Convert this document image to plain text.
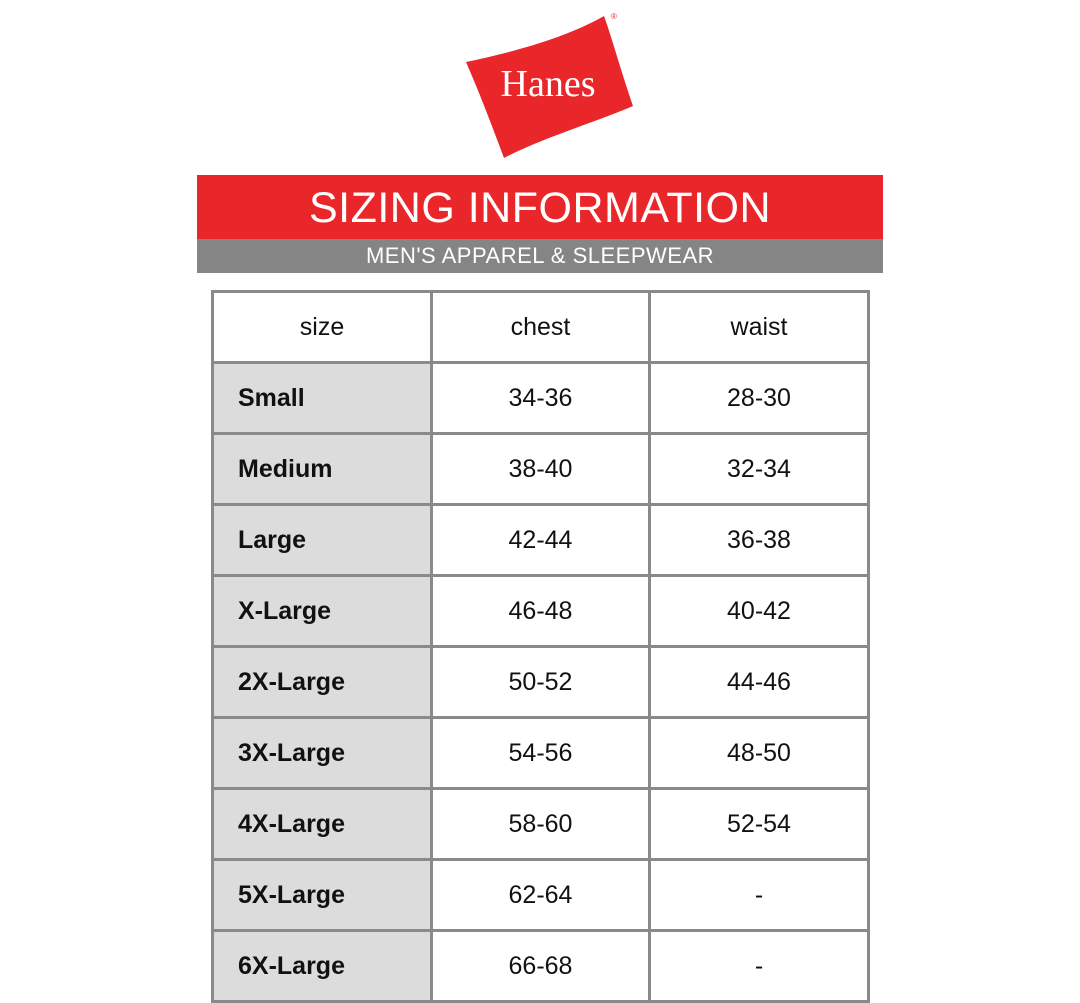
Hanes
®
SIZING INFORMATION
MEN'S APPAREL & SLEEPWEAR
size	chest	waist
Small	34-36	28-30
Medium	38-40	32-34
Large	42-44	36-38
X-Large	46-48	40-42
2X-Large	50-52	44-46
3X-Large	54-56	48-50
4X-Large	58-60	52-54
5X-Large	62-64	-
6X-Large	66-68	-
